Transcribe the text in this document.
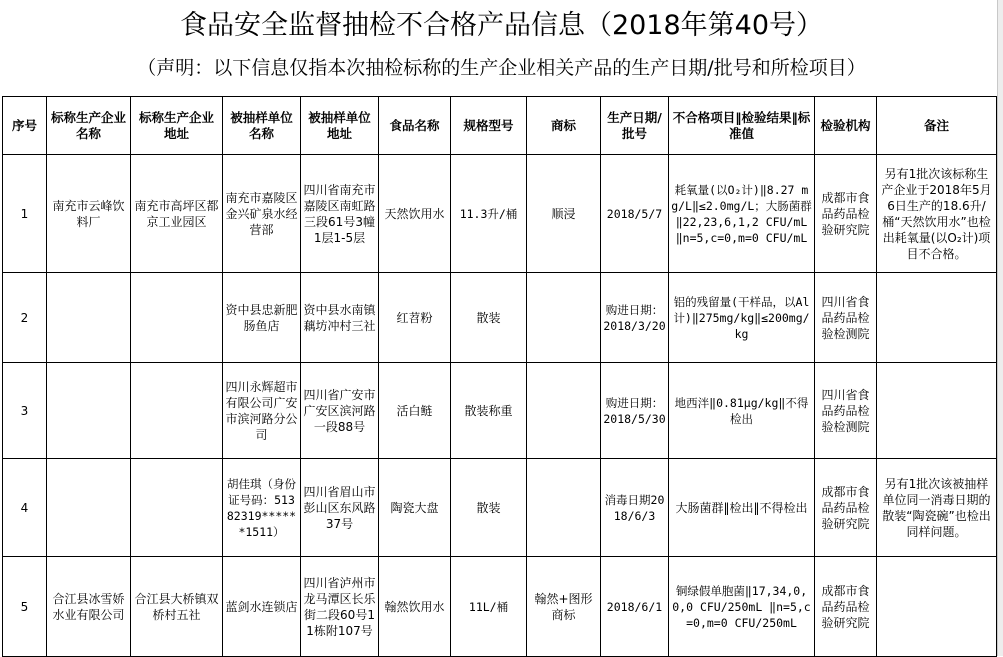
食品安全监督抽检不合格产品信息（2018年第40号）
（声明：以下信息仅指本次抽检标称的生产企业相关产品的生产日期/批号和所检项目）
序号	标称生产企业名称	标称生产企业地址	被抽样单位名称	被抽样单位地址	食品名称	规格型号	商标	生产日期/批号	不合格项目‖检验结果‖标准值	检验机构	备注
1	南充市云峰饮料厂	南充市高坪区都京工业园区	南充市嘉陵区金兴矿泉水经营部	四川省南充市嘉陵区南虹路三段61号3幢1层1-5层	天然饮用水	11.3升/桶	顺浸	2018/5/7	耗氧量(以O₂计)‖8.27 mg/L‖≤2.0mg/L；大肠菌群 ‖22,23,6,1,2 CFU/mL ‖n=5,c=0,m=0 CFU/mL	成都市食品药品检验研究院	另有1批次该标称生产企业于2018年5月6日生产的18.6升/桶“天然饮用水”也检出耗氧量(以O₂计)项目不合格。
2			资中县忠新肥肠鱼店	资中县水南镇藕坊冲村三社	红苕粉	散装		购进日期：2018/3/20	铝的残留量(干样品，以Al计)‖275mg/kg‖≤200mg/kg	四川省食品药品检验检测院	
3			四川永辉超市有限公司广安市滨河路分公司	四川省广安市广安区滨河路一段88号	活白鲢	散装称重		购进日期：2018/5/30	地西泮‖0.81μg/kg‖不得检出	四川省食品药品检验检测院	
4			胡佳琪（身份证号码：51382319******1511）	四川省眉山市彭山区东风路37号	陶瓷大盘	散装		消毒日期2018/6/3	大肠菌群‖检出‖不得检出	成都市食品药品检验研究院	另有1批次该被抽样单位同一消毒日期的散装“陶瓷碗”也检出同样问题。
5	合江县冰雪娇水业有限公司	合江县大桥镇双桥村五社	蓝剑水连锁店	四川省泸州市龙马潭区长乐街二段60号11栋附107号	翰然饮用水	11L/桶	翰然+图形商标	2018/6/1	铜绿假单胞菌‖17,34,0,0,0 CFU/250mL ‖n=5,c=0,m=0 CFU/250mL	成都市食品药品检验研究院	
